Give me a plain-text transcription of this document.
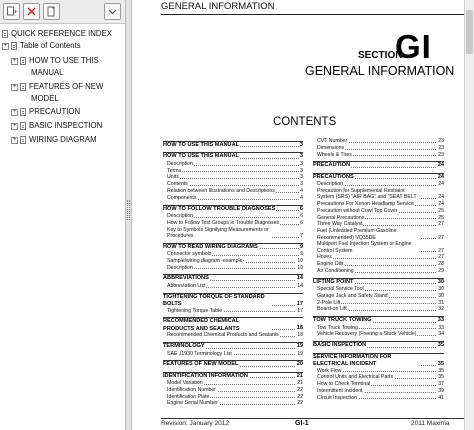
QUICK REFERENCE INDEX
+ Table of Contents
+ HOW TO USE THIS
MANUAL
+ FEATURES OF NEW
MODEL
+ PRECAUTION
+ BASIC INSPECTION
+ WIRING DIAGRAM
GENERAL INFORMATION
GI
SECTION
GENERAL INFORMATION
CONTENTS
HOW TO USE THIS MANUAL	3
HOW TO USE THIS MANUAL	3
Description	3
Terms	3
Units	3
Contents	3
Relation between Illustrations and Descriptions	4
Components	4
HOW TO FOLLOW TROUBLE DIAGNOSES	6
Description	6
How to Follow Test Groups in Trouble Diagnoses	6
Key to Symbols Signifying Measurements or Procedures	7
HOW TO READ WIRING DIAGRAMS	9
Connector symbols	9
Sample/wiring diagram -example-	10
Description	10
ABBREVIATIONS	14
Abbreviation List	14
TIGHTENING TORQUE OF STANDARD BOLTS	17
Tightening Torque Table	17
RECOMMENDED CHEMICAL PRODUCTS AND SEALANTS	18
Recommended Chemical Products and Sealants	18
TERMINOLOGY	19
SAE J1930 Terminology List	19
FEATURES OF NEW MODEL	20
IDENTIFICATION INFORMATION	21
Model Variation	21
Identification Number	22
Identification Plate	22
Engine Serial Number	22
CVT Number	23
Dimensions	23
Wheels & Tires	23
PRECAUTION	24
PRECAUTIONS	24
Description	24
Precaution for Supplemental Restraint System (SRS) "AIR BAG" and "SEAT BELT	24
Precautions For Xenon Headlamp Service	24
Precaution without Cowl Top Cover	25
General Precautions	25
Three Way Catalyst	27
Fuel (Unleaded Premium Gasoline Recommended) VQ35DE	27
Multiport Fuel Injection System or Engine Control System	27
Hoses	27
Engine Oils	28
Air Conditioning	29
LIFTING POINT	30
Special Service Tool	30
Garage Jack and Safety Stand	30
2-Pole Lift	31
Board-on Lift	32
TOW TRUCK TOWING	33
Tow Truck Towing	33
Vehicle Recovery (Freeing a Stuck Vehicle)	34
BASIC INSPECTION	35
SERVICE INFORMATION FOR ELECTRICAL INCIDENT	35
Work Flow	35
Control Units and Electrical Parts	35
How to Check Terminal	37
Intermittent Incident	39
Circuit Inspection	41
Revision: January 2012	GI-1	2011 Maxima
